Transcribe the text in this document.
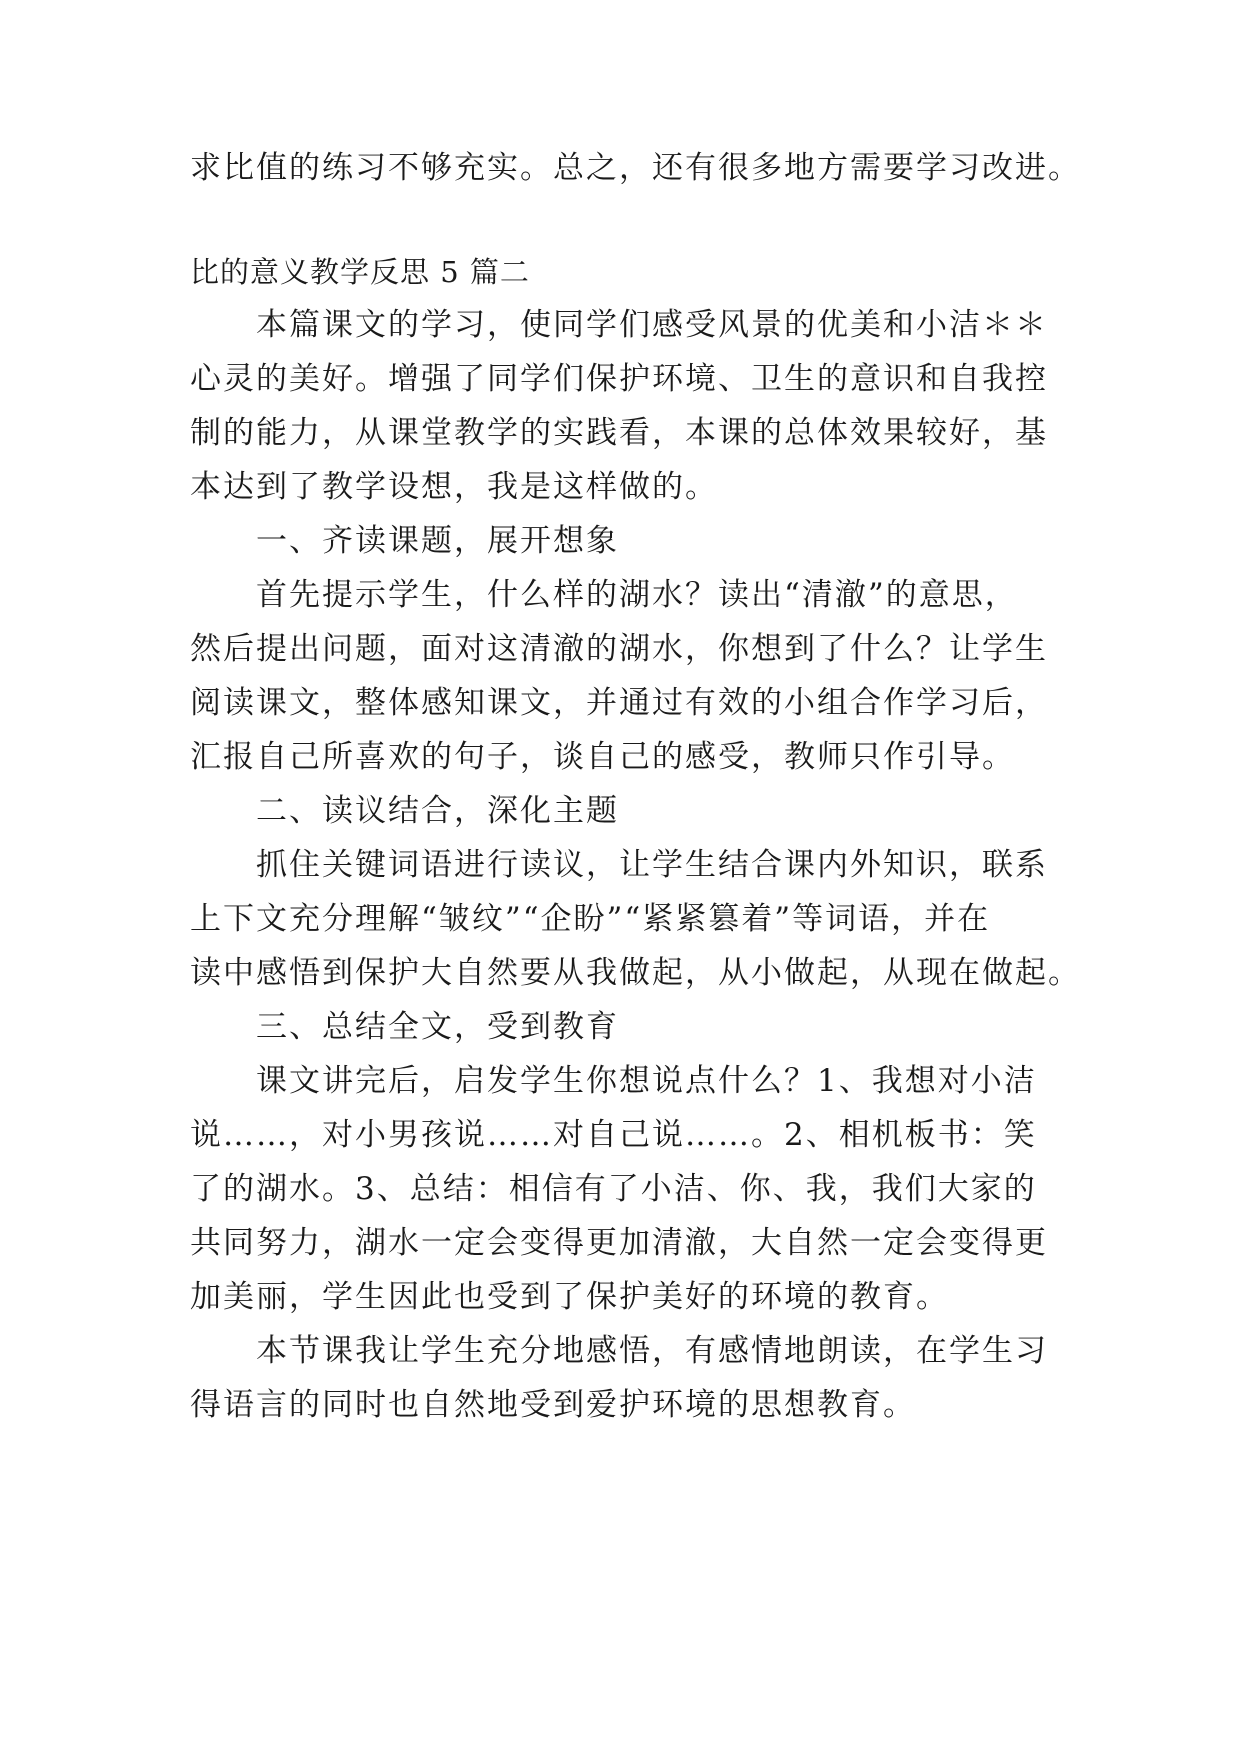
求比值的练习不够充实。总之，还有很多地方需要学习改进。
比的意义教学反思 5 篇二
　　本篇课文的学习，使同学们感受风景的优美和小洁＊＊
心灵的美好。增强了同学们保护环境、卫生的意识和自我控
制的能力，从课堂教学的实践看，本课的总体效果较好，基
本达到了教学设想，我是这样做的。
　　一、齐读课题，展开想象
　　首先提示学生，什么样的湖水？读出“清澈”的意思，
然后提出问题，面对这清澈的湖水，你想到了什么？让学生
阅读课文，整体感知课文，并通过有效的小组合作学习后，
汇报自己所喜欢的句子，谈自己的感受，教师只作引导。
　　二、读议结合，深化主题
　　抓住关键词语进行读议，让学生结合课内外知识，联系
上下文充分理解“皱纹”“企盼”“紧紧篡着”等词语，并在
读中感悟到保护大自然要从我做起，从小做起，从现在做起。
　　三、总结全文，受到教育
　　课文讲完后，启发学生你想说点什么？1、我想对小洁
说……，对小男孩说……对自己说……。2、相机板书：笑
了的湖水。3、总结：相信有了小洁、你、我，我们大家的
共同努力，湖水一定会变得更加清澈，大自然一定会变得更
加美丽，学生因此也受到了保护美好的环境的教育。
　　本节课我让学生充分地感悟，有感情地朗读，在学生习
得语言的同时也自然地受到爱护环境的思想教育。
